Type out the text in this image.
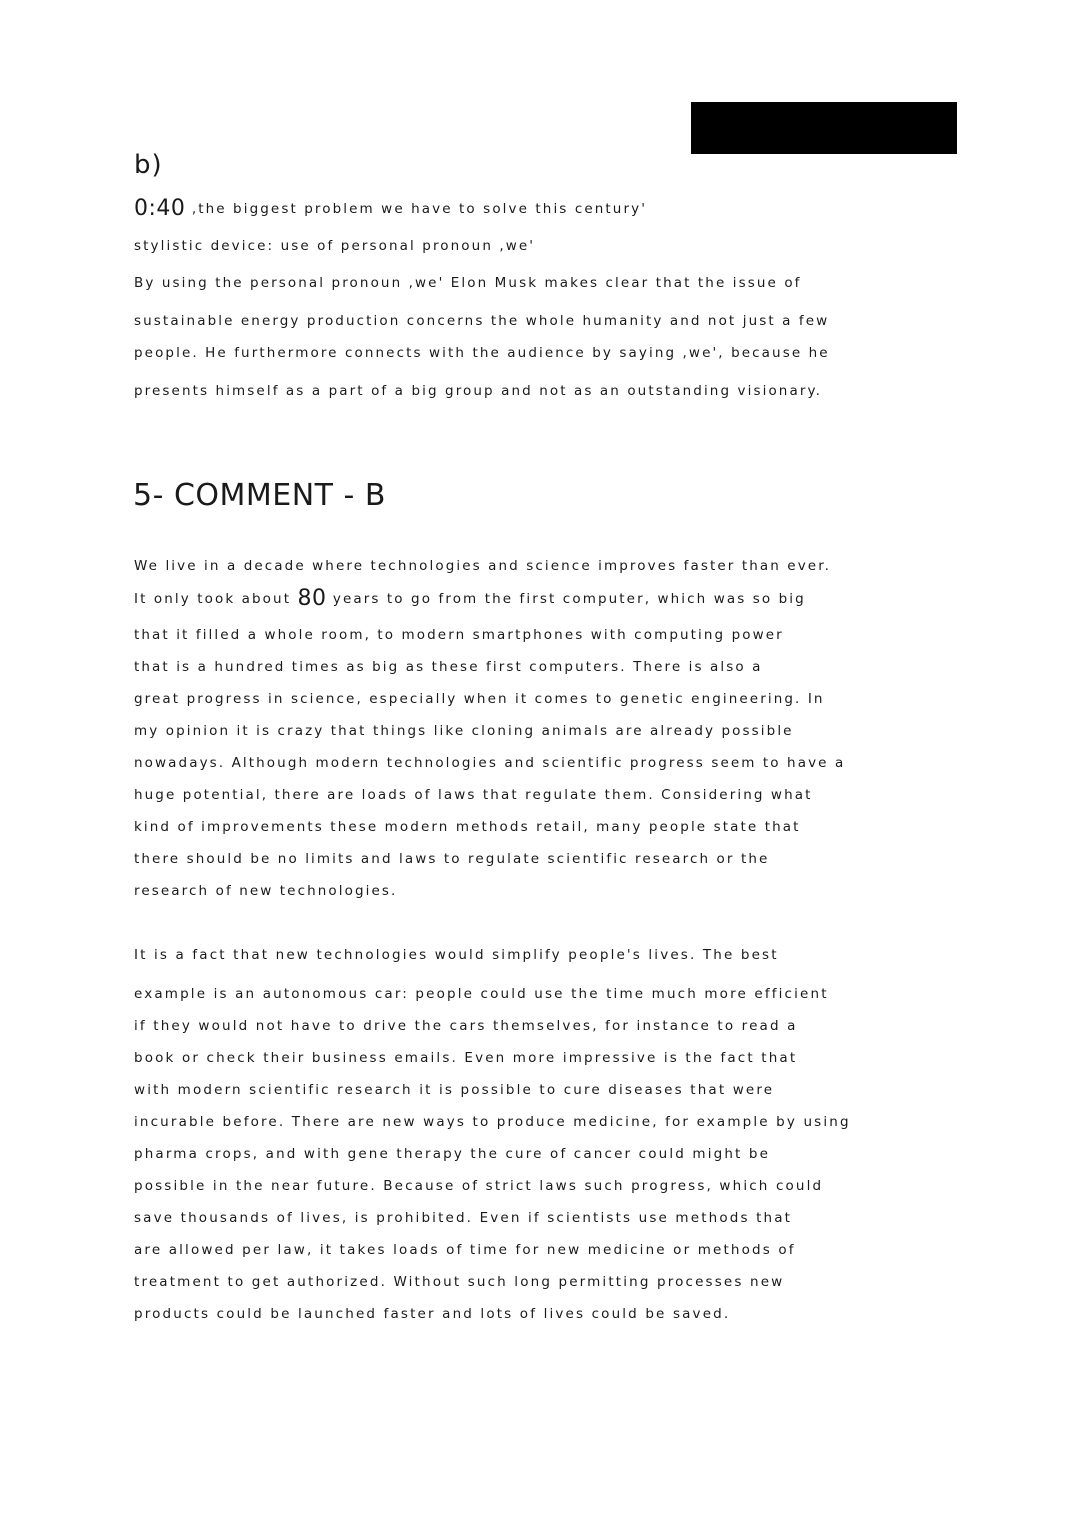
b)
0:40 ,the biggest problem we have to solve this century'
stylistic device: use of personal pronoun ,we'
By using the personal pronoun ,we' Elon Musk makes clear that the issue of
sustainable energy production concerns the whole humanity and not just a few
people. He furthermore connects with the audience by saying ,we', because he
presents himself as a part of a big group and not as an outstanding visionary.
5- COMMENT - B
We live in a decade where technologies and science improves faster than ever.
It only took about 80 years to go from the first computer, which was so big
that it filled a whole room, to modern smartphones with computing power
that is a hundred times as big as these first computers. There is also a
great progress in science, especially when it comes to genetic engineering. In
my opinion it is crazy that things like cloning animals are already possible
nowadays. Although modern technologies and scientific progress seem to have a
huge potential, there are loads of laws that regulate them. Considering what
kind of improvements these modern methods retail, many people state that
there should be no limits and laws to regulate scientific research or the
research of new technologies.
It is a fact that new technologies would simplify people's lives. The best
example is an autonomous car: people could use the time much more efficient
if they would not have to drive the cars themselves, for instance to read a
book or check their business emails. Even more impressive is the fact that
with modern scientific research it is possible to cure diseases that were
incurable before. There are new ways to produce medicine, for example by using
pharma crops, and with gene therapy the cure of cancer could might be
possible in the near future. Because of strict laws such progress, which could
save thousands of lives, is prohibited. Even if scientists use methods that
are allowed per law, it takes loads of time for new medicine or methods of
treatment to get authorized. Without such long permitting processes new
products could be launched faster and lots of lives could be saved.
